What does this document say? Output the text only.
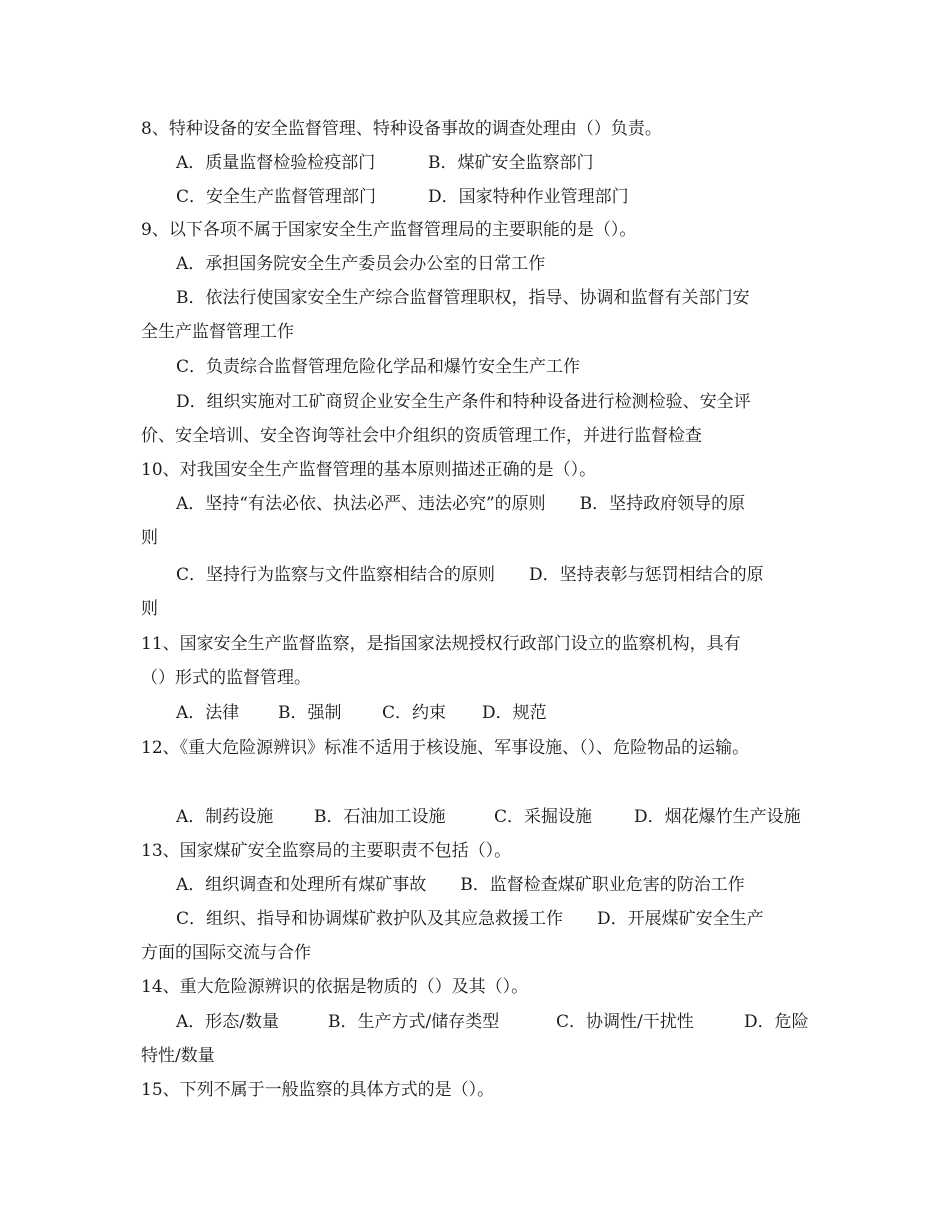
8、特种设备的安全监督管理、特种设备事故的调查处理由（）负责。

A．质量监督检验检疫部门	B．煤矿安全监察部门
C．安全生产监督管理部门	D．国家特种作业管理部门

9、以下各项不属于国家安全生产监督管理局的主要职能的是（）。

A．承担国务院安全生产委员会办公室的日常工作

B．依法行使国家安全生产综合监督管理职权，指导、协调和监督有关部门安

全生产监督管理工作

C．负责综合监督管理危险化学品和爆竹安全生产工作

D．组织实施对工矿商贸企业安全生产条件和特种设备进行检测检验、安全评

价、安全培训、安全咨询等社会中介组织的资质管理工作，并进行监督检查

10、对我国安全生产监督管理的基本原则描述正确的是（）。

A．坚持“有法必依、执法必严、违法必究”的原则　　B．坚持政府领导的原

则

C．坚持行为监察与文件监察相结合的原则　　D．坚持表彰与惩罚相结合的原

则

11、国家安全生产监督监察，是指国家法规授权行政部门设立的监察机构，具有

（）形式的监督管理。

A．法律 B．强制 C．约束 D．规范

12、《重大危险源辨识》标准不适用于核设施、军事设施、（）、危险物品的运输。

A．制药设施 B．石油加工设施	C．采掘设施 D．烟花爆竹生产设施

13、国家煤矿安全监察局的主要职责不包括（）。

A．组织调查和处理所有煤矿事故　　B．监督检查煤矿职业危害的防治工作

C．组织、指导和协调煤矿救护队及其应急救援工作　　D．开展煤矿安全生产

方面的国际交流与合作

14、重大危险源辨识的依据是物质的（）及其（）。

A．形态/数量	B．生产方式/储存类型	C．协调性/干扰性	D．危险

特性/数量

15、下列不属于一般监察的具体方式的是（）。
